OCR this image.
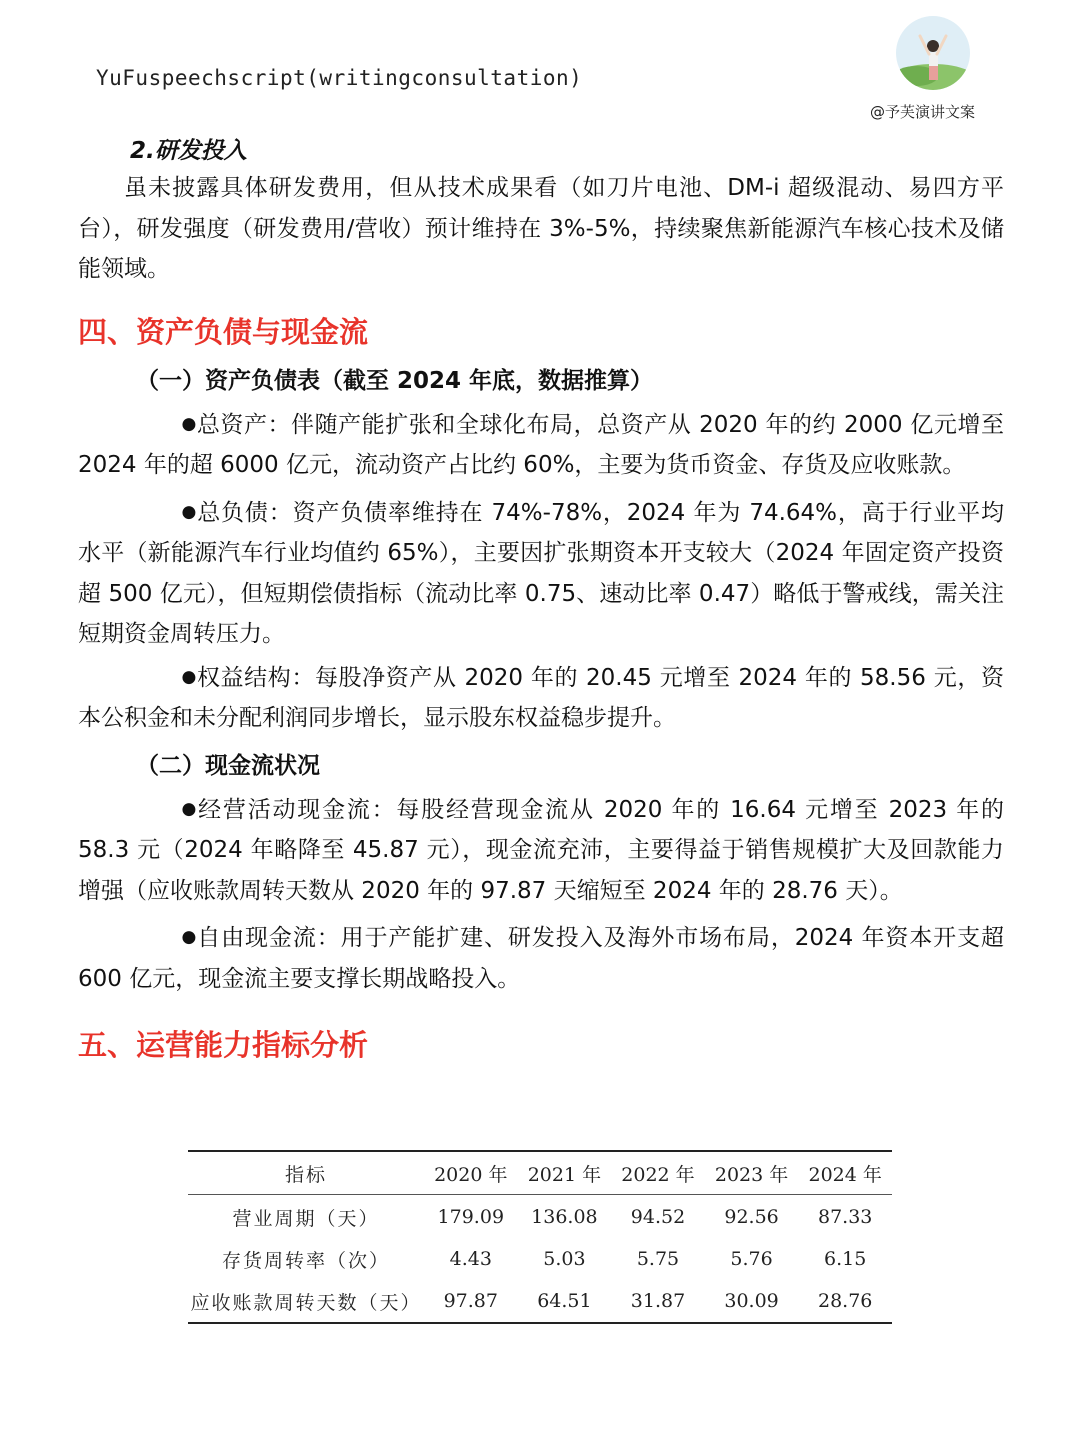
YuFuspeechscript(writingconsultation)
@予芙演讲文案
2.研发投入

虽未披露具体研发费用，但从技术成果看（如刀片电池、DM-i 超级混动、易四方平台），研发强度（研发费用/营收）预计维持在 3%-5%，持续聚焦新能源汽车核心技术及储能领域。

四、资产负债与现金流
（一）资产负债表（截至 2024 年底，数据推算）

●总资产：伴随产能扩张和全球化布局，总资产从 2020 年的约 2000 亿元增至 2024 年的超 6000 亿元，流动资产占比约 60%，主要为货币资金、存货及应收账款。

●总负债：资产负债率维持在 74%-78%，2024 年为 74.64%，高于行业平均水平（新能源汽车行业均值约 65%），主要因扩张期资本开支较大（2024 年固定资产投资超 500 亿元），但短期偿债指标（流动比率 0.75、速动比率 0.47）略低于警戒线，需关注短期资金周转压力。

●权益结构：每股净资产从 2020 年的 20.45 元增至 2024 年的 58.56 元，资本公积金和未分配利润同步增长，显示股东权益稳步提升。

（二）现金流状况

●经营活动现金流：每股经营现金流从 2020 年的 16.64 元增至 2023 年的 58.3 元（2024 年略降至 45.87 元），现金流充沛，主要得益于销售规模扩大及回款能力增强（应收账款周转天数从 2020 年的 97.87 天缩短至 2024 年的 28.76 天）。

●自由现金流：用于产能扩建、研发投入及海外市场布局，2024 年资本开支超 600 亿元，现金流主要支撑长期战略投入。

五、运营能力指标分析
指标	2020 年	2021 年	2022 年	2023 年	2024 年
营业周期（天）	179.09	136.08	94.52	92.56	87.33
存货周转率（次）	4.43	5.03	5.75	5.76	6.15
应收账款周转天数（天）	97.87	64.51	31.87	30.09	28.76
